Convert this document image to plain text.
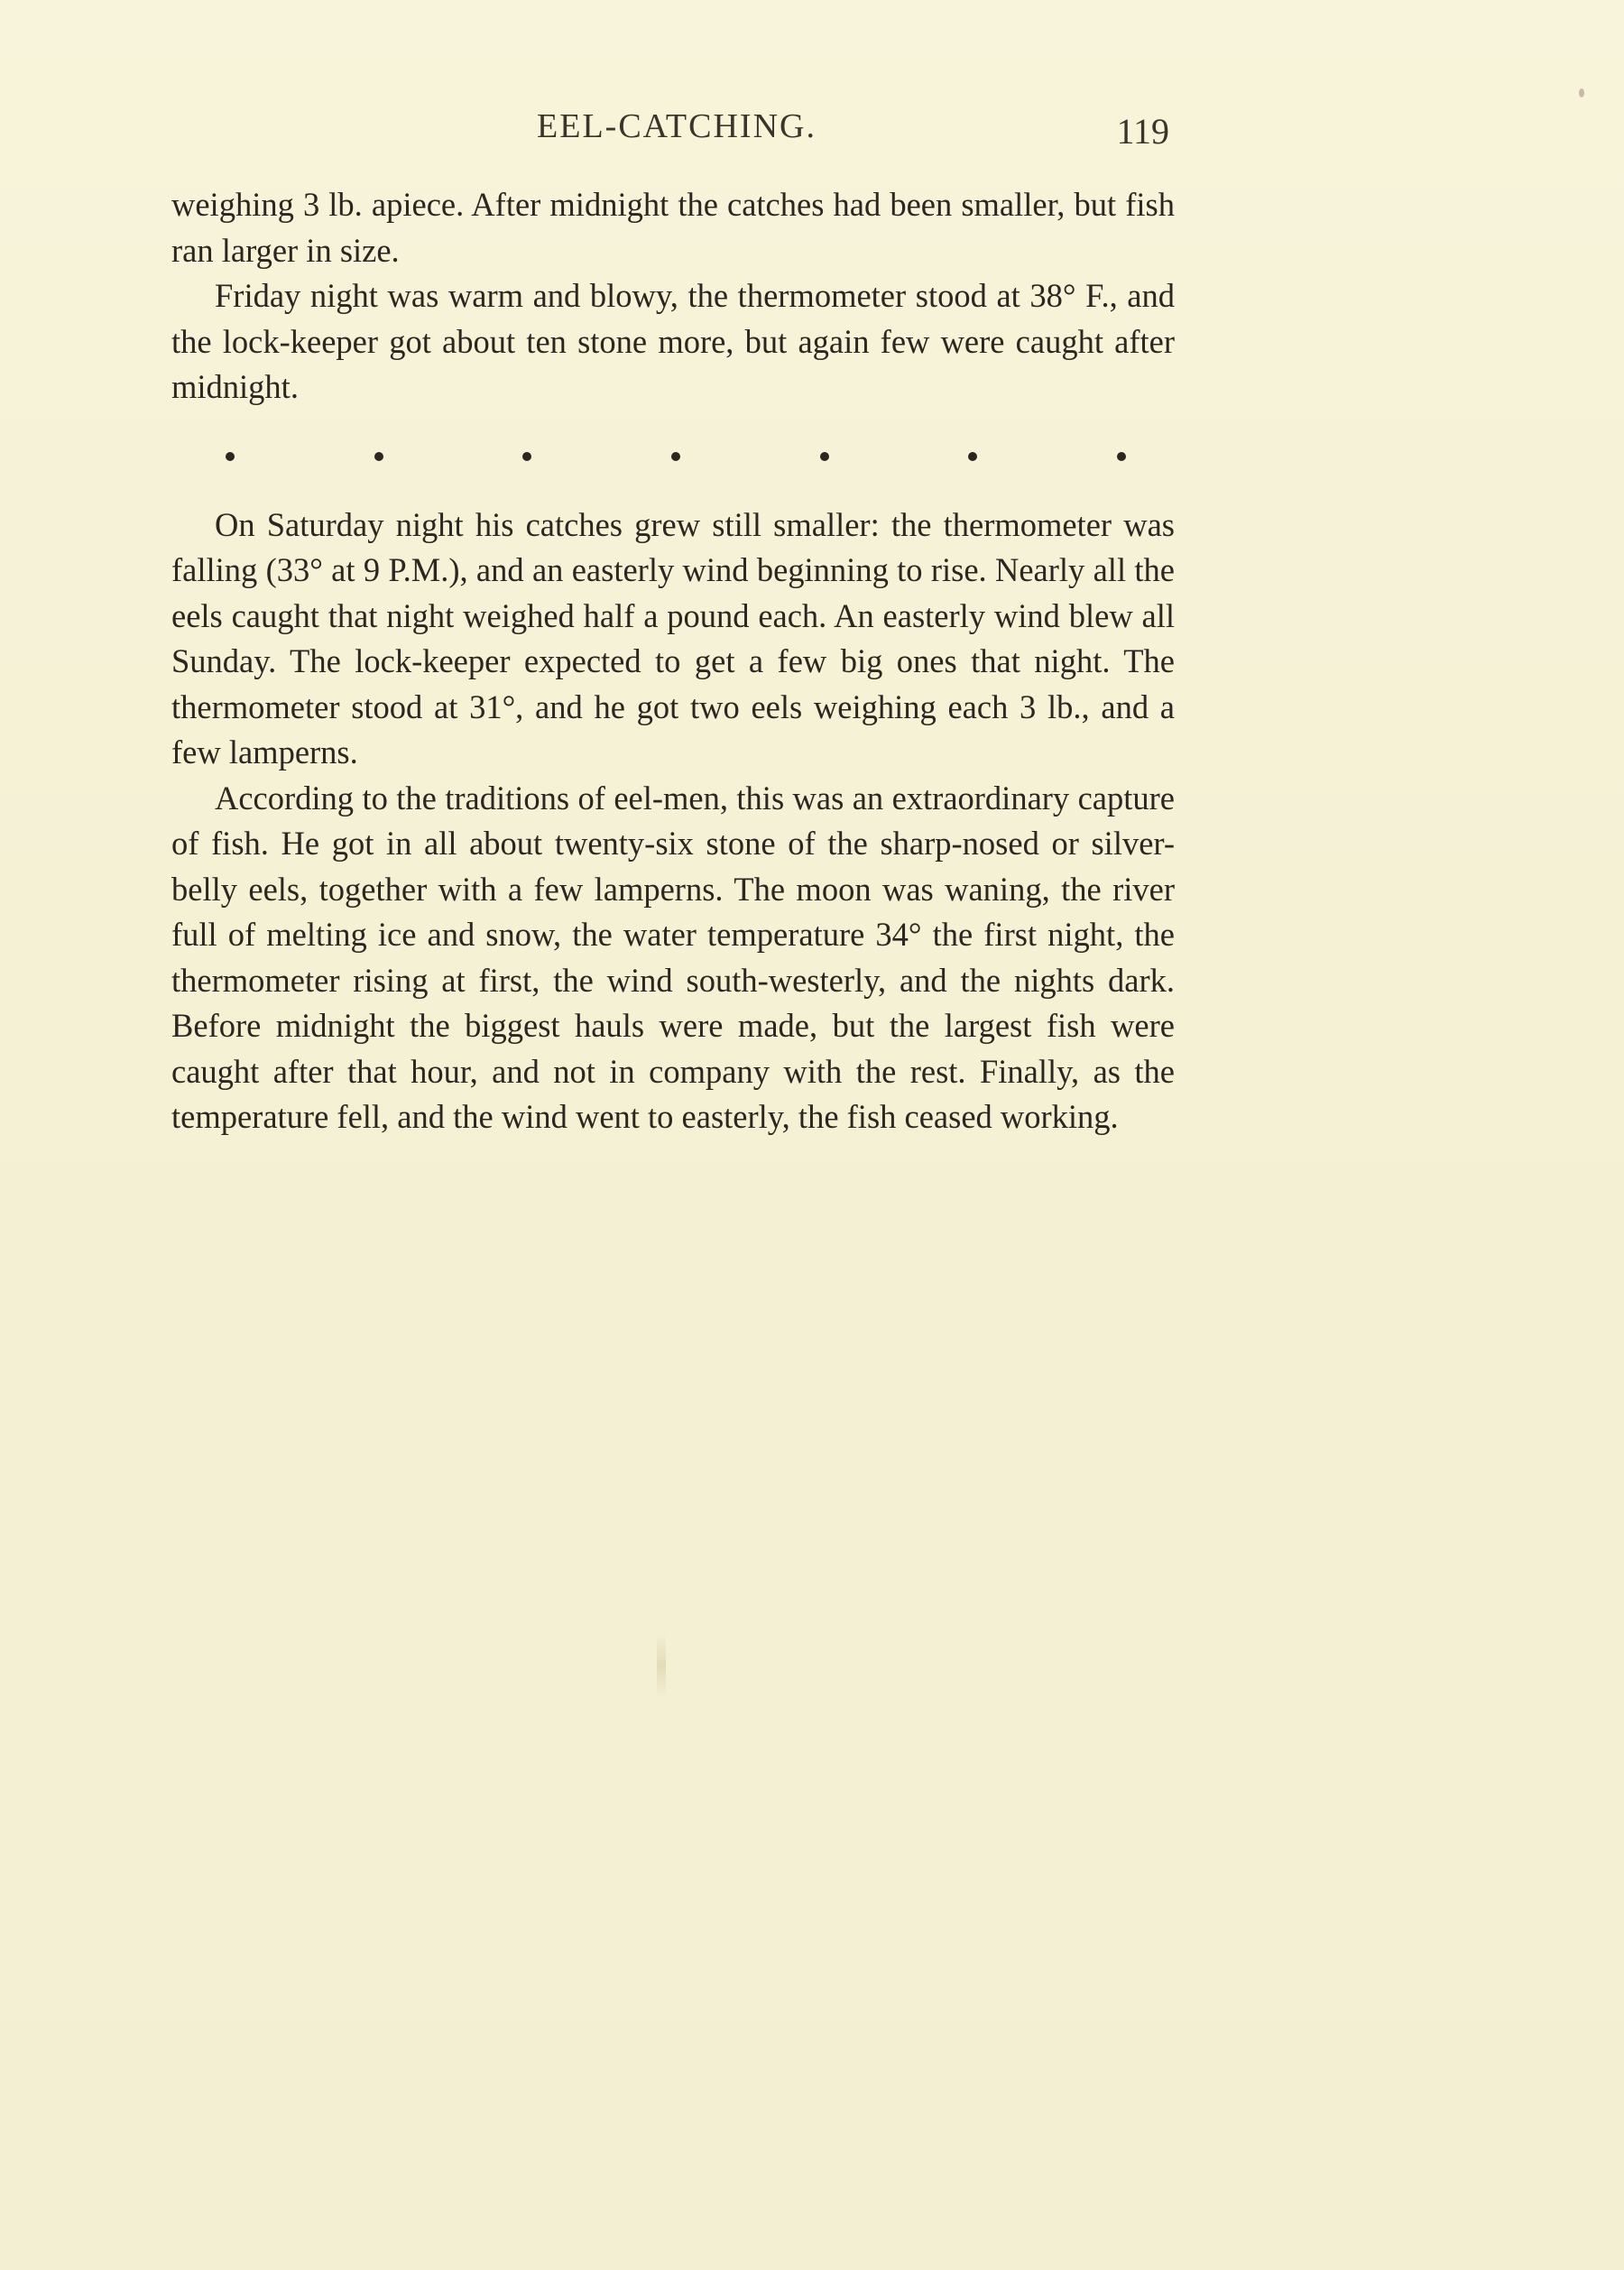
EEL-CATCHING.	119

weighing 3 lb. apiece. After midnight the catches had been smaller, but fish ran larger in size.

Friday night was warm and blowy, the thermometer stood at 38° F., and the lock-keeper got about ten stone more, but again few were caught after midnight.

On Saturday night his catches grew still smaller: the thermometer was falling (33° at 9 P.M.), and an easterly wind beginning to rise. Nearly all the eels caught that night weighed half a pound each. An easterly wind blew all Sunday. The lock-keeper expected to get a few big ones that night. The thermometer stood at 31°, and he got two eels weighing each 3 lb., and a few lamperns.

According to the traditions of eel-men, this was an extraordinary capture of fish. He got in all about twenty-six stone of the sharp-nosed or silver-belly eels, together with a few lamperns. The moon was waning, the river full of melting ice and snow, the water temperature 34° the first night, the thermometer rising at first, the wind south-westerly, and the nights dark. Before midnight the biggest hauls were made, but the largest fish were caught after that hour, and not in company with the rest. Finally, as the temperature fell, and the wind went to easterly, the fish ceased working.
